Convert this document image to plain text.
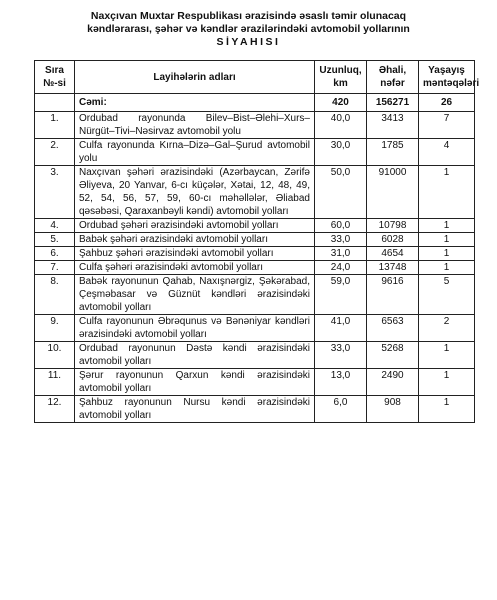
Naxçıvan Muxtar Respublikası ərazisində əsaslı təmir olunacaq
kəndlərarası, şəhər və kəndlər ərazilərindəki avtomobil yollarının
SİYAHISI
Sıra №-si	Layihələrin adları	Uzunluq, km	Əhali, nəfər	Yaşayış məntəqələri
	Cəmi:	420	156271	26
1.	Ordubad rayonunda Bilev–Bist–Əlehi–Xurs–Nürgüt–Tivi–Nəsirvaz avtomobil yolu	40,0	3413	7
2.	Culfa rayonunda Kırna–Dizə–Gal–Şurud avtomobil yolu	30,0	1785	4
3.	Naxçıvan şəhəri ərazisindəki (Azərbaycan, Zərifə Əliyeva, 20 Yanvar, 6-cı küçələr, Xətai, 12, 48, 49, 52, 54, 56, 57, 59, 60-cı məhəllələr, Əliabad qəsəbəsi, Qaraxanbəyli kəndi) avtomobil yolları	50,0	91000	1
4.	Ordubad şəhəri ərazisindəki avtomobil yolları	60,0	10798	1
5.	Babək şəhəri ərazisindəki avtomobil yolları	33,0	6028	1
6.	Şahbuz şəhəri ərazisindəki avtomobil yolları	31,0	4654	1
7.	Culfa şəhəri ərazisindəki avtomobil yolları	24,0	13748	1
8.	Babək rayonunun Qahab, Naxışnərgiz, Şəkərabad, Çeşməbasar və Güznüt kəndləri ərazisindəki avtomobil yolları	59,0	9616	5
9.	Culfa rayonunun Əbrəqunus və Bənəniyar kəndləri ərazisindəki avtomobil yolları	41,0	6563	2
10.	Ordubad rayonunun Dəstə kəndi ərazisindəki avtomobil yolları	33,0	5268	1
11.	Şərur rayonunun Qarxun kəndi ərazisindəki avtomobil yolları	13,0	2490	1
12.	Şahbuz rayonunun Nursu kəndi ərazisindəki avtomobil yolları	6,0	908	1
